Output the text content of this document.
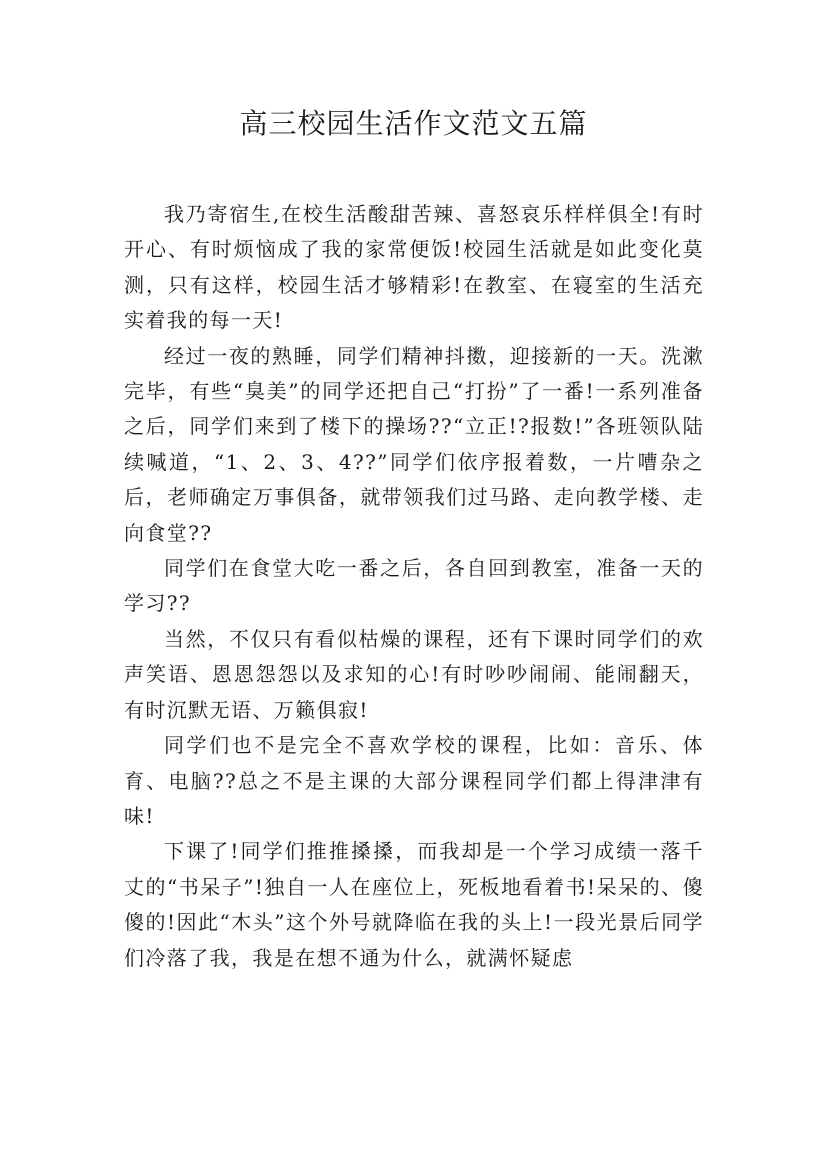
高三校园生活作文范文五篇

我乃寄宿生,在校生活酸甜苦辣、喜怒哀乐样样俱全!有时开心、有时烦恼成了我的家常便饭!校园生活就是如此变化莫测，只有这样，校园生活才够精彩!在教室、在寝室的生活充实着我的每一天!

经过一夜的熟睡，同学们精神抖擞，迎接新的一天。洗漱完毕，有些“臭美”的同学还把自己“打扮”了一番!一系列准备之后，同学们来到了楼下的操场??“立正!?报数!”各班领队陆续喊道，“1、2、3、4??”同学们依序报着数，一片嘈杂之后，老师确定万事俱备，就带领我们过马路、走向教学楼、走向食堂??

同学们在食堂大吃一番之后，各自回到教室，准备一天的学习??

当然，不仅只有看似枯燥的课程，还有下课时同学们的欢声笑语、恩恩怨怨以及求知的心!有时吵吵闹闹、能闹翻天，有时沉默无语、万籁俱寂!

同学们也不是完全不喜欢学校的课程，比如：音乐、体育、电脑??总之不是主课的大部分课程同学们都上得津津有味!

下课了!同学们推推搡搡，而我却是一个学习成绩一落千丈的“书呆子”!独自一人在座位上，死板地看着书!呆呆的、傻傻的!因此“木头”这个外号就降临在我的头上!一段光景后同学们冷落了我，我是在想不通为什么，就满怀疑虑
